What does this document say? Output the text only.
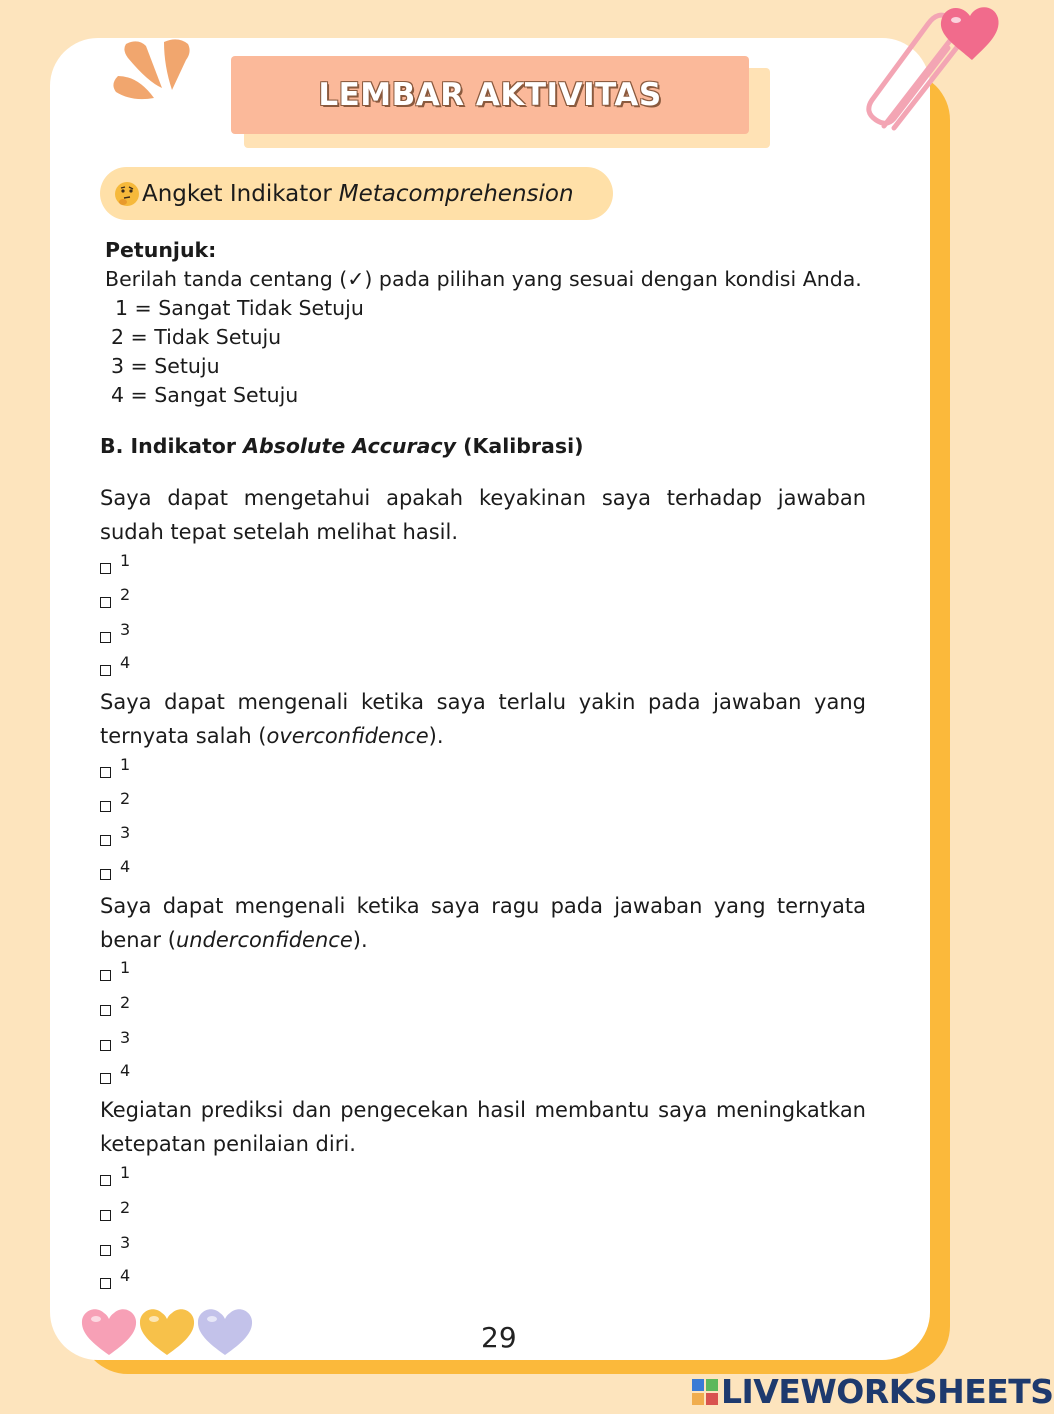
LEMBAR AKTIVITAS
Angket Indikator Metacomprehension
Petunjuk:
Berilah tanda centang (✓) pada pilihan yang sesuai dengan kondisi Anda.
1 = Sangat Tidak Setuju
2 = Tidak Setuju
3 = Setuju
4 = Sangat Setuju
B. Indikator Absolute Accuracy (Kalibrasi)
Saya dapat mengetahui apakah keyakinan saya terhadap jawaban sudah tepat setelah melihat hasil.
1
2
3
4
Saya dapat mengenali ketika saya terlalu yakin pada jawaban yang ternyata salah (overconfidence).
1
2
3
4
Saya dapat mengenali ketika saya ragu pada jawaban yang ternyata benar (underconfidence).
1
2
3
4
Kegiatan prediksi dan pengecekan hasil membantu saya meningkatkan ketepatan penilaian diri.
1
2
3
4
29
LIVEWORKSHEETS
